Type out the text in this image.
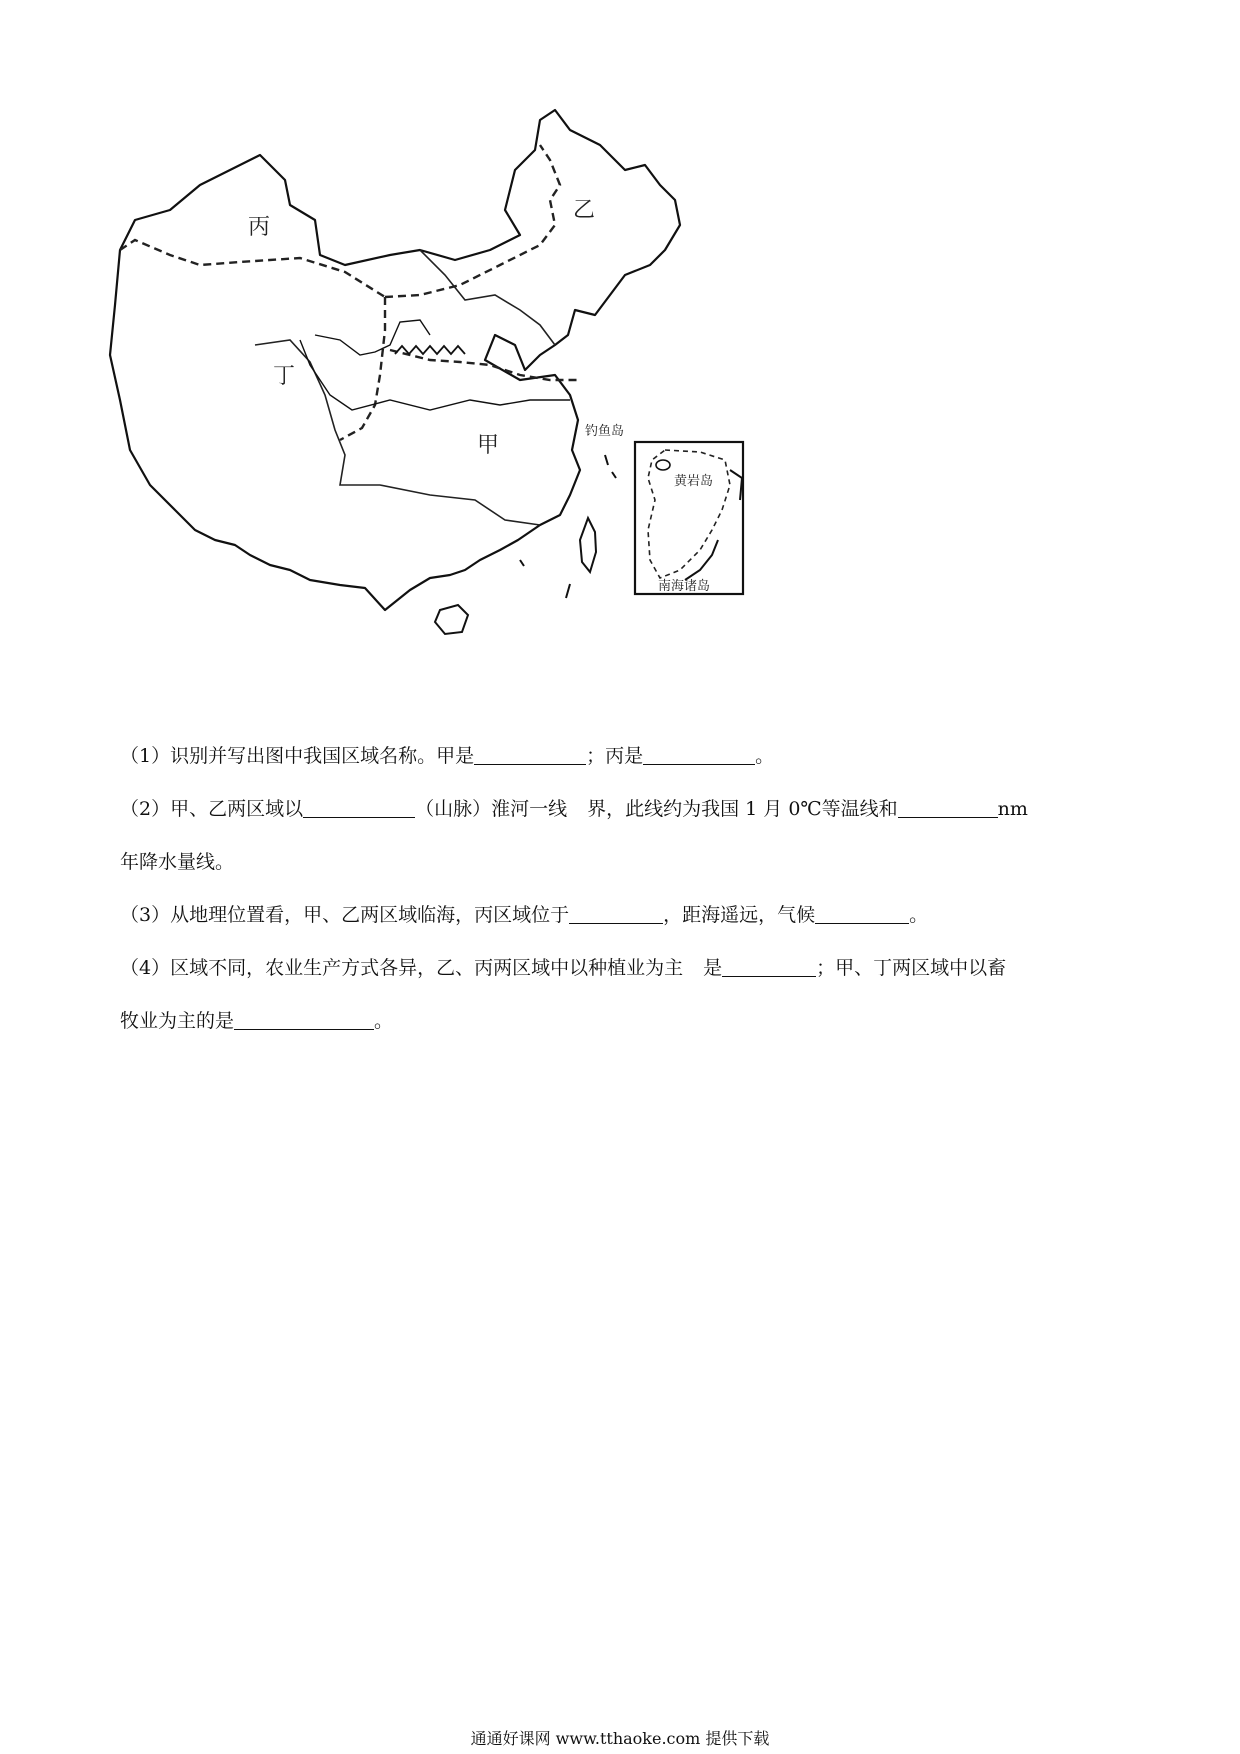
丙
乙
丁
甲
钓鱼岛
黄岩岛
南海诸岛
（1）识别并写出图中我国区域名称。甲是	；丙是	。
（2）甲、乙两区域以	（山脉）淮河一线 界，此线约为我国 1 月 0℃等温线和	nm
年降水量线。
（3）从地理位置看，甲、乙两区域临海，丙区域位于	，距海遥远，气候	。
（4）区域不同，农业生产方式各异，乙、丙两区域中以种植业为主 是	；甲、丁两区域中以畜
牧业为主的是	。
通通好课网 www.tthaoke.com 提供下载
